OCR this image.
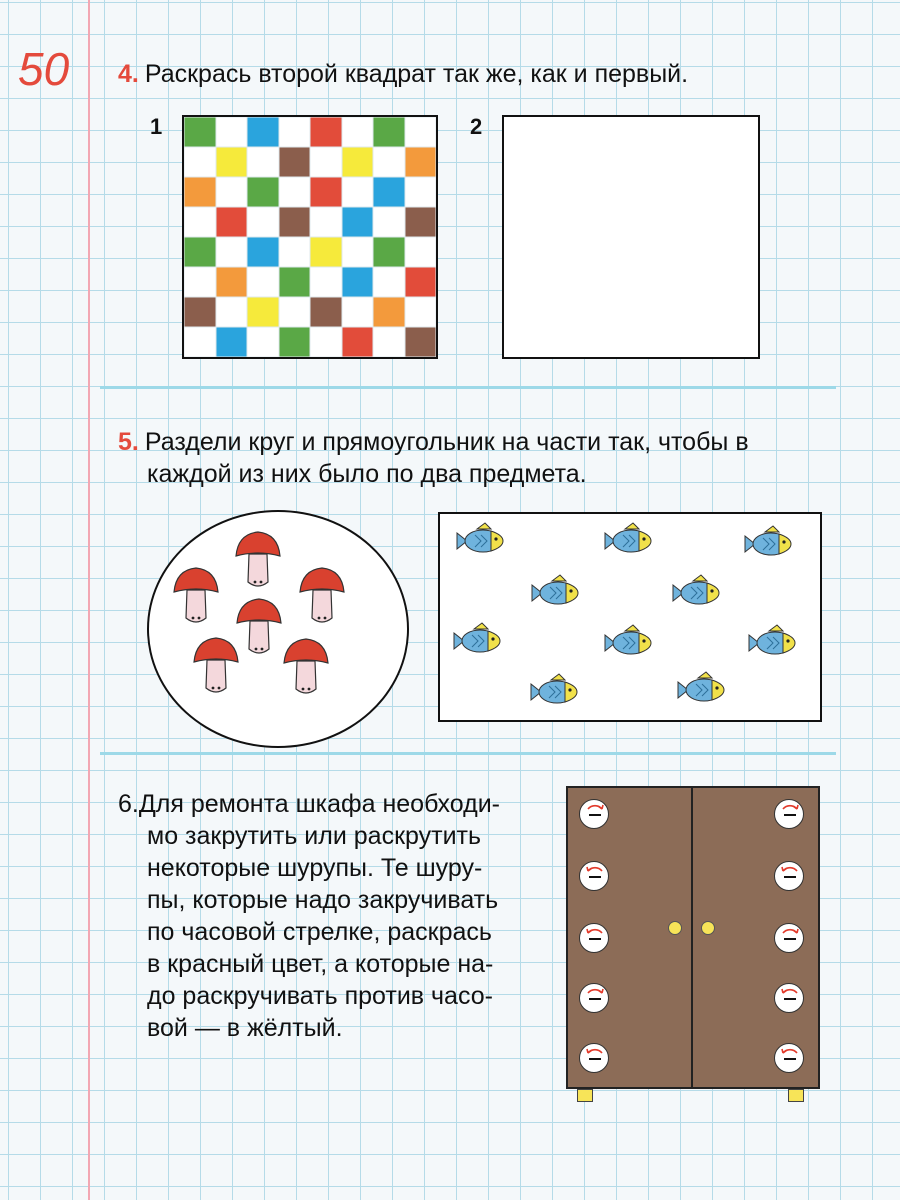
50 4. Раскрась второй квадрат так же, как и первый.
1	2
5. Раздели круг и прямоугольник на части так, чтобы в
каждой из них было по два предмета.
6.Для ремонта шкафа необходи-
мо закрутить или раскрутить
некоторые шурупы. Те шуру-
пы, которые надо закручивать
по часовой стрелке, раскрась
в красный цвет, а которые на-
до раскручивать против часо-
вой — в жёлтый.
